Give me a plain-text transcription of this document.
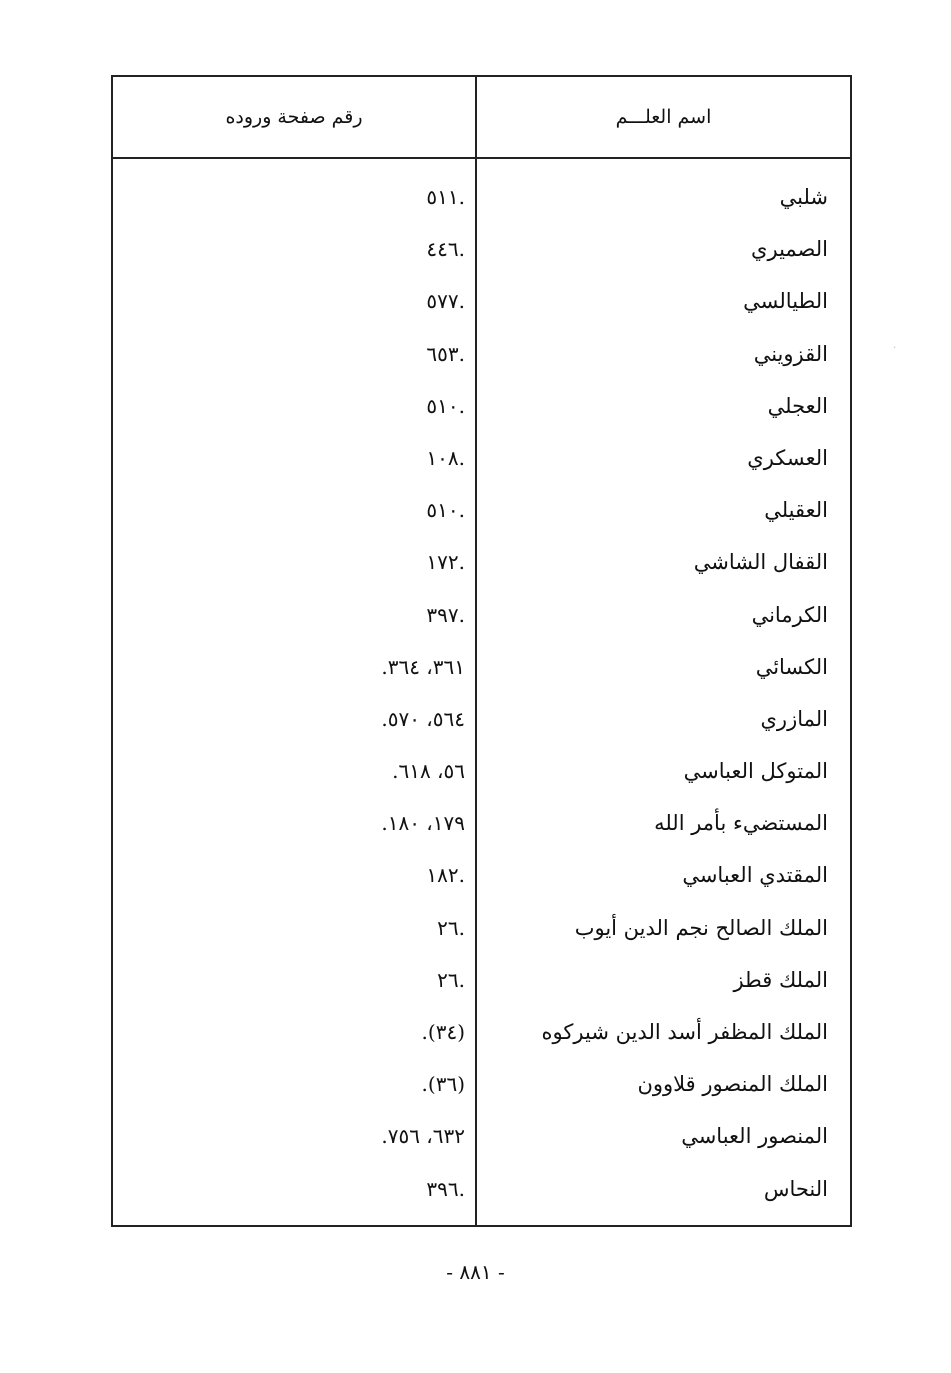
اسم العلـــم
رقم صفحة وروده
شلبي
.٥١١
الصميري
.٤٤٦
الطيالسي
.٥٧٧
القزويني
.٦٥٣
العجلي
.٥١٠
العسكري
.١٠٨
العقيلي
.٥١٠
القفال الشاشي
.١٧٢
الكرماني
.٣٩٧
الكسائي
٣٦١، ٣٦٤.
المازري
٥٦٤، ٥٧٠.
المتوكل العباسي
٥٦، ٦١٨.
المستضيء بأمر الله
١٧٩، ١٨٠.
المقتدي العباسي
.١٨٢
الملك الصالح نجم الدين أيوب
.٢٦
الملك قطز
.٢٦
الملك المظفر أسد الدين شيركوه
(٣٤).
الملك المنصور قلاوون
(٣٦).
المنصور العباسي
٦٣٢، ٧٥٦.
النحاس
.٣٩٦
- ٨٨١ -
·
